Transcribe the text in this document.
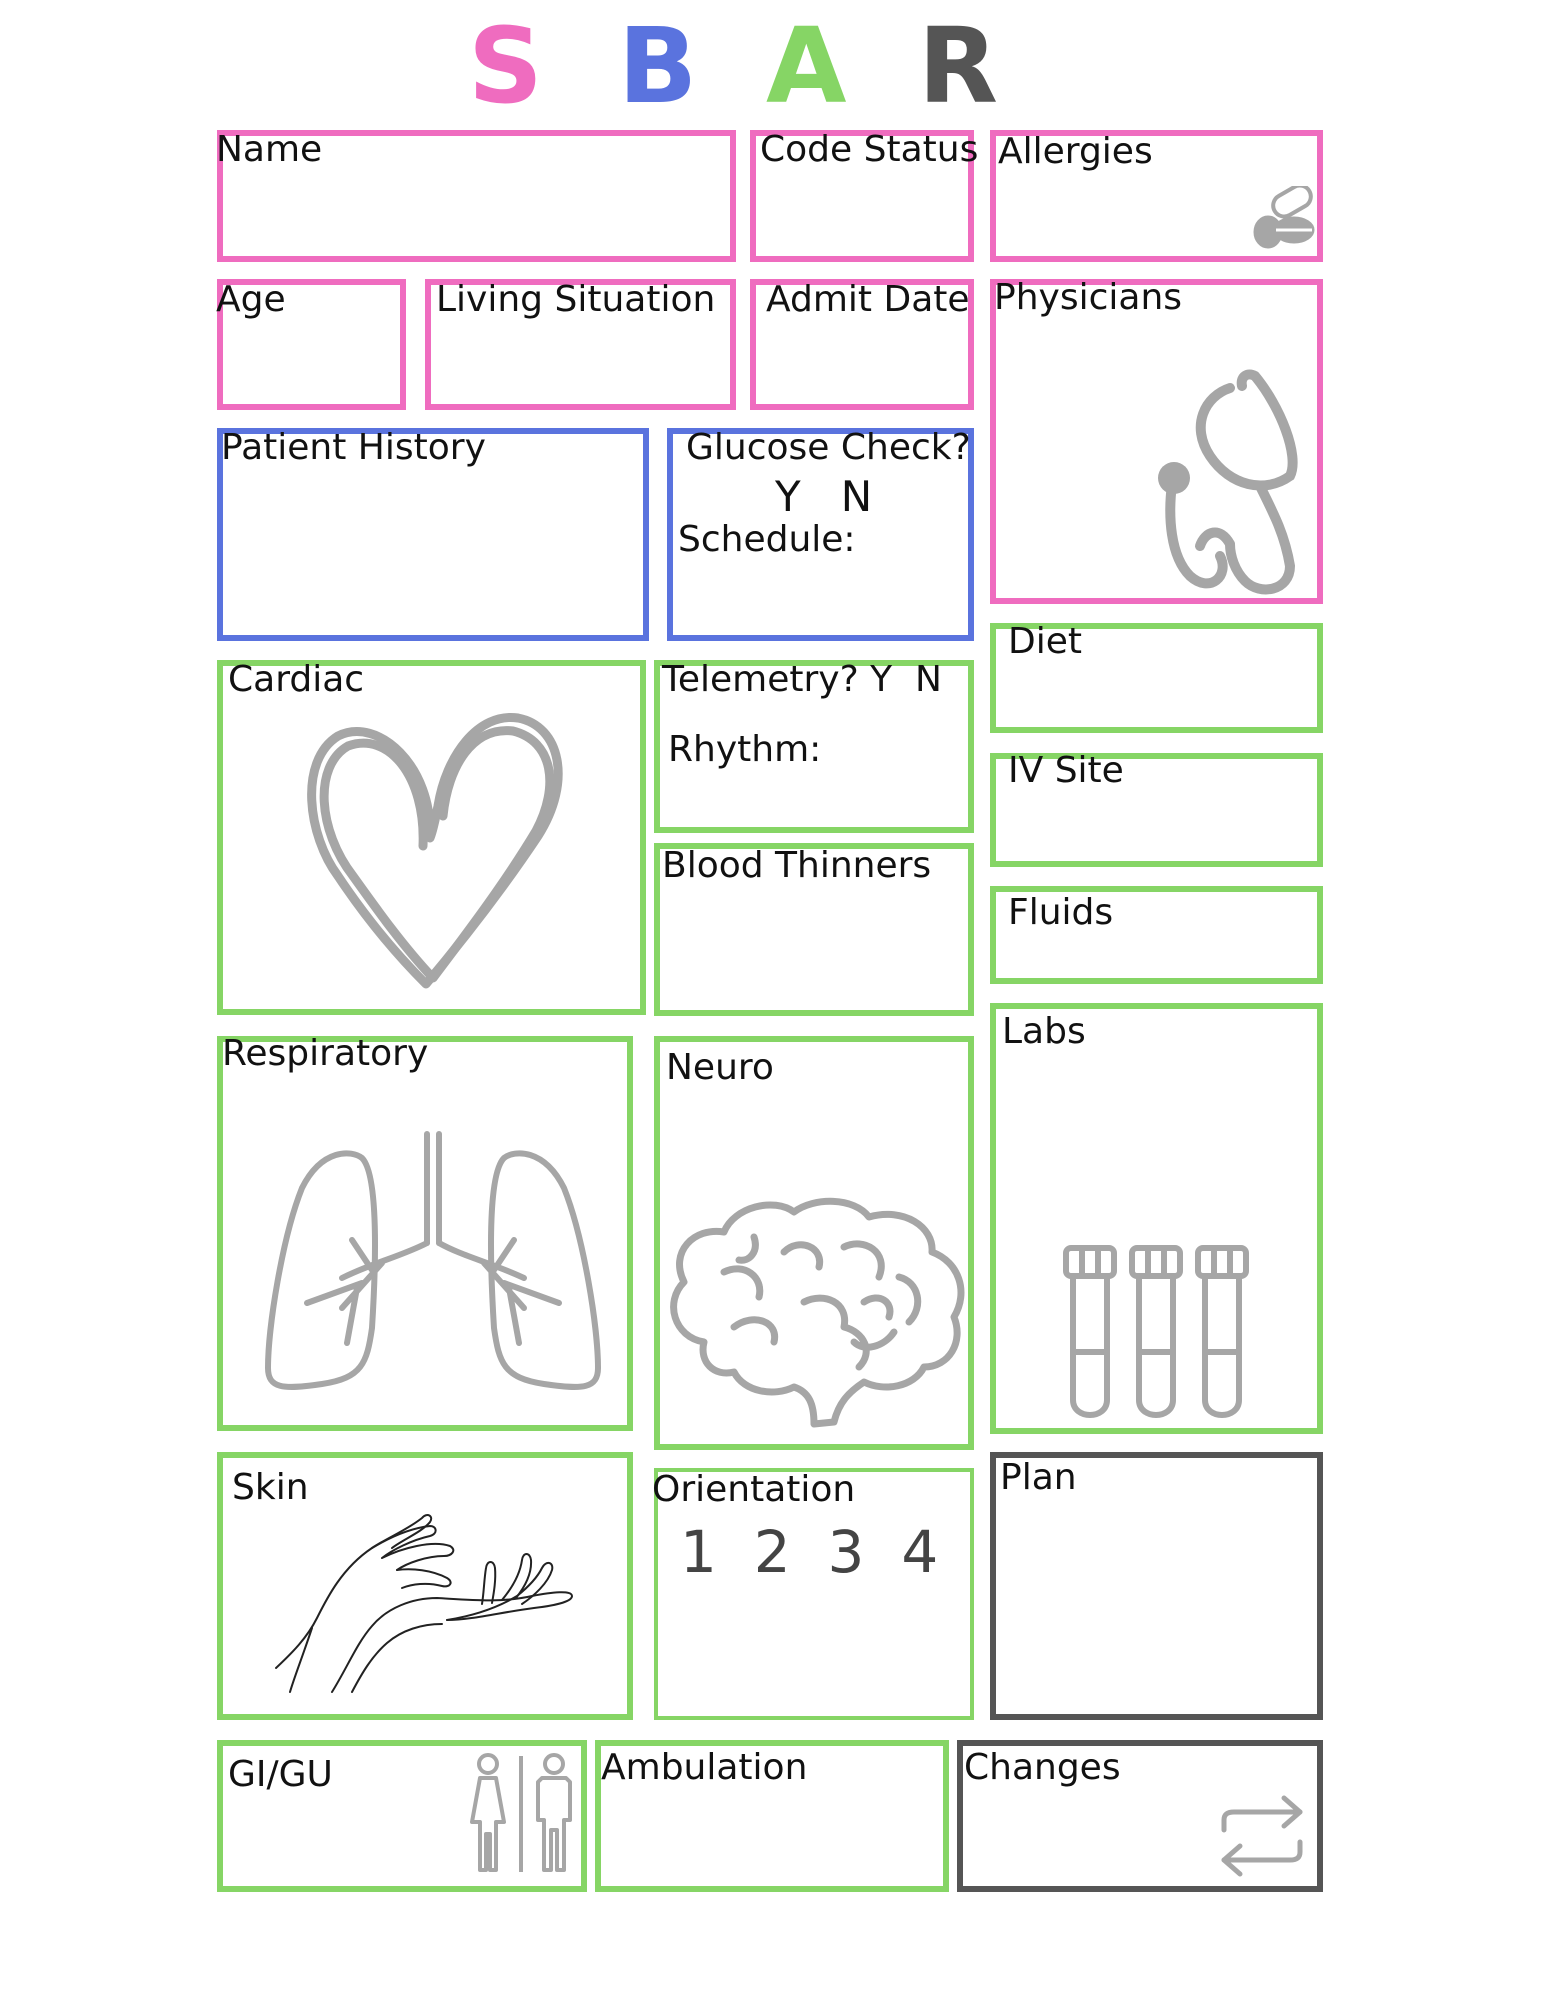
S B A R
Name	Code Status Allergies
Age	Living Situation Admit Date Physicians
Patient History	Glucose Check?
Y   N
Schedule:
Diet
IV Site
Fluids
Cardiac	Telemetry? Y  N
Rhythm:
Blood Thinners
Respiratory	Neuro
Labs
Skin	Orientation
1  2  3  4
Plan
GI/GU	Ambulation	Changes
